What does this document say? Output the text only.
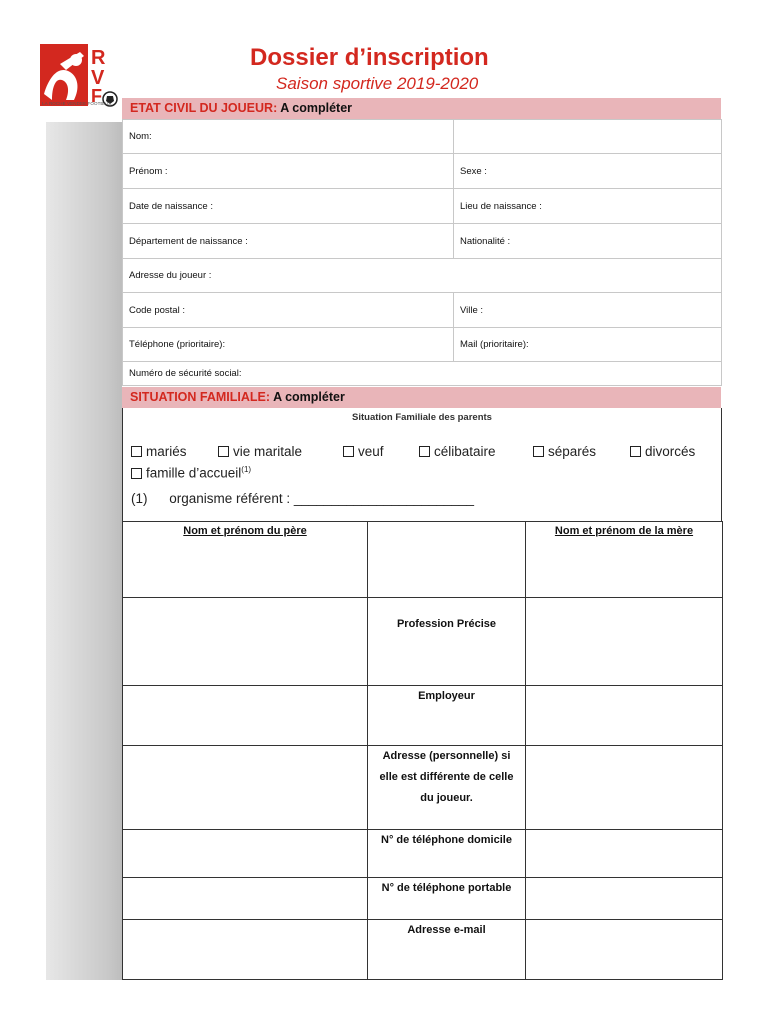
R
V
F
LA ROCHE VENDEE FOOTBALL
Dossier d’inscription
Saison sportive 2019-2020
ETAT CIVIL DU JOUEUR: A compléter
Nom:	
Prénom :	Sexe :
Date de naissance :	Lieu de naissance :
Département de naissance :	Nationalité :
Adresse du joueur :	
Code postal :	Ville :
Téléphone (prioritaire):	Mail (prioritaire):
Numéro de sécurité social:	
SITUATION FAMILIALE: A compléter
Situation Familiale des parents
mariés	vie maritale	veuf	célibataire	séparés	divorcés
famille d’accueil$^{(1)}$
(1) organisme référent : ________________________
Nom et prénom du père		Nom et prénom de la mère
	Profession Précise	
	Employeur	
	Adresse (personnelle) si elle est différente de celle du joueur.	
	N° de téléphone domicile	
	N° de téléphone portable	
	Adresse e-mail	
